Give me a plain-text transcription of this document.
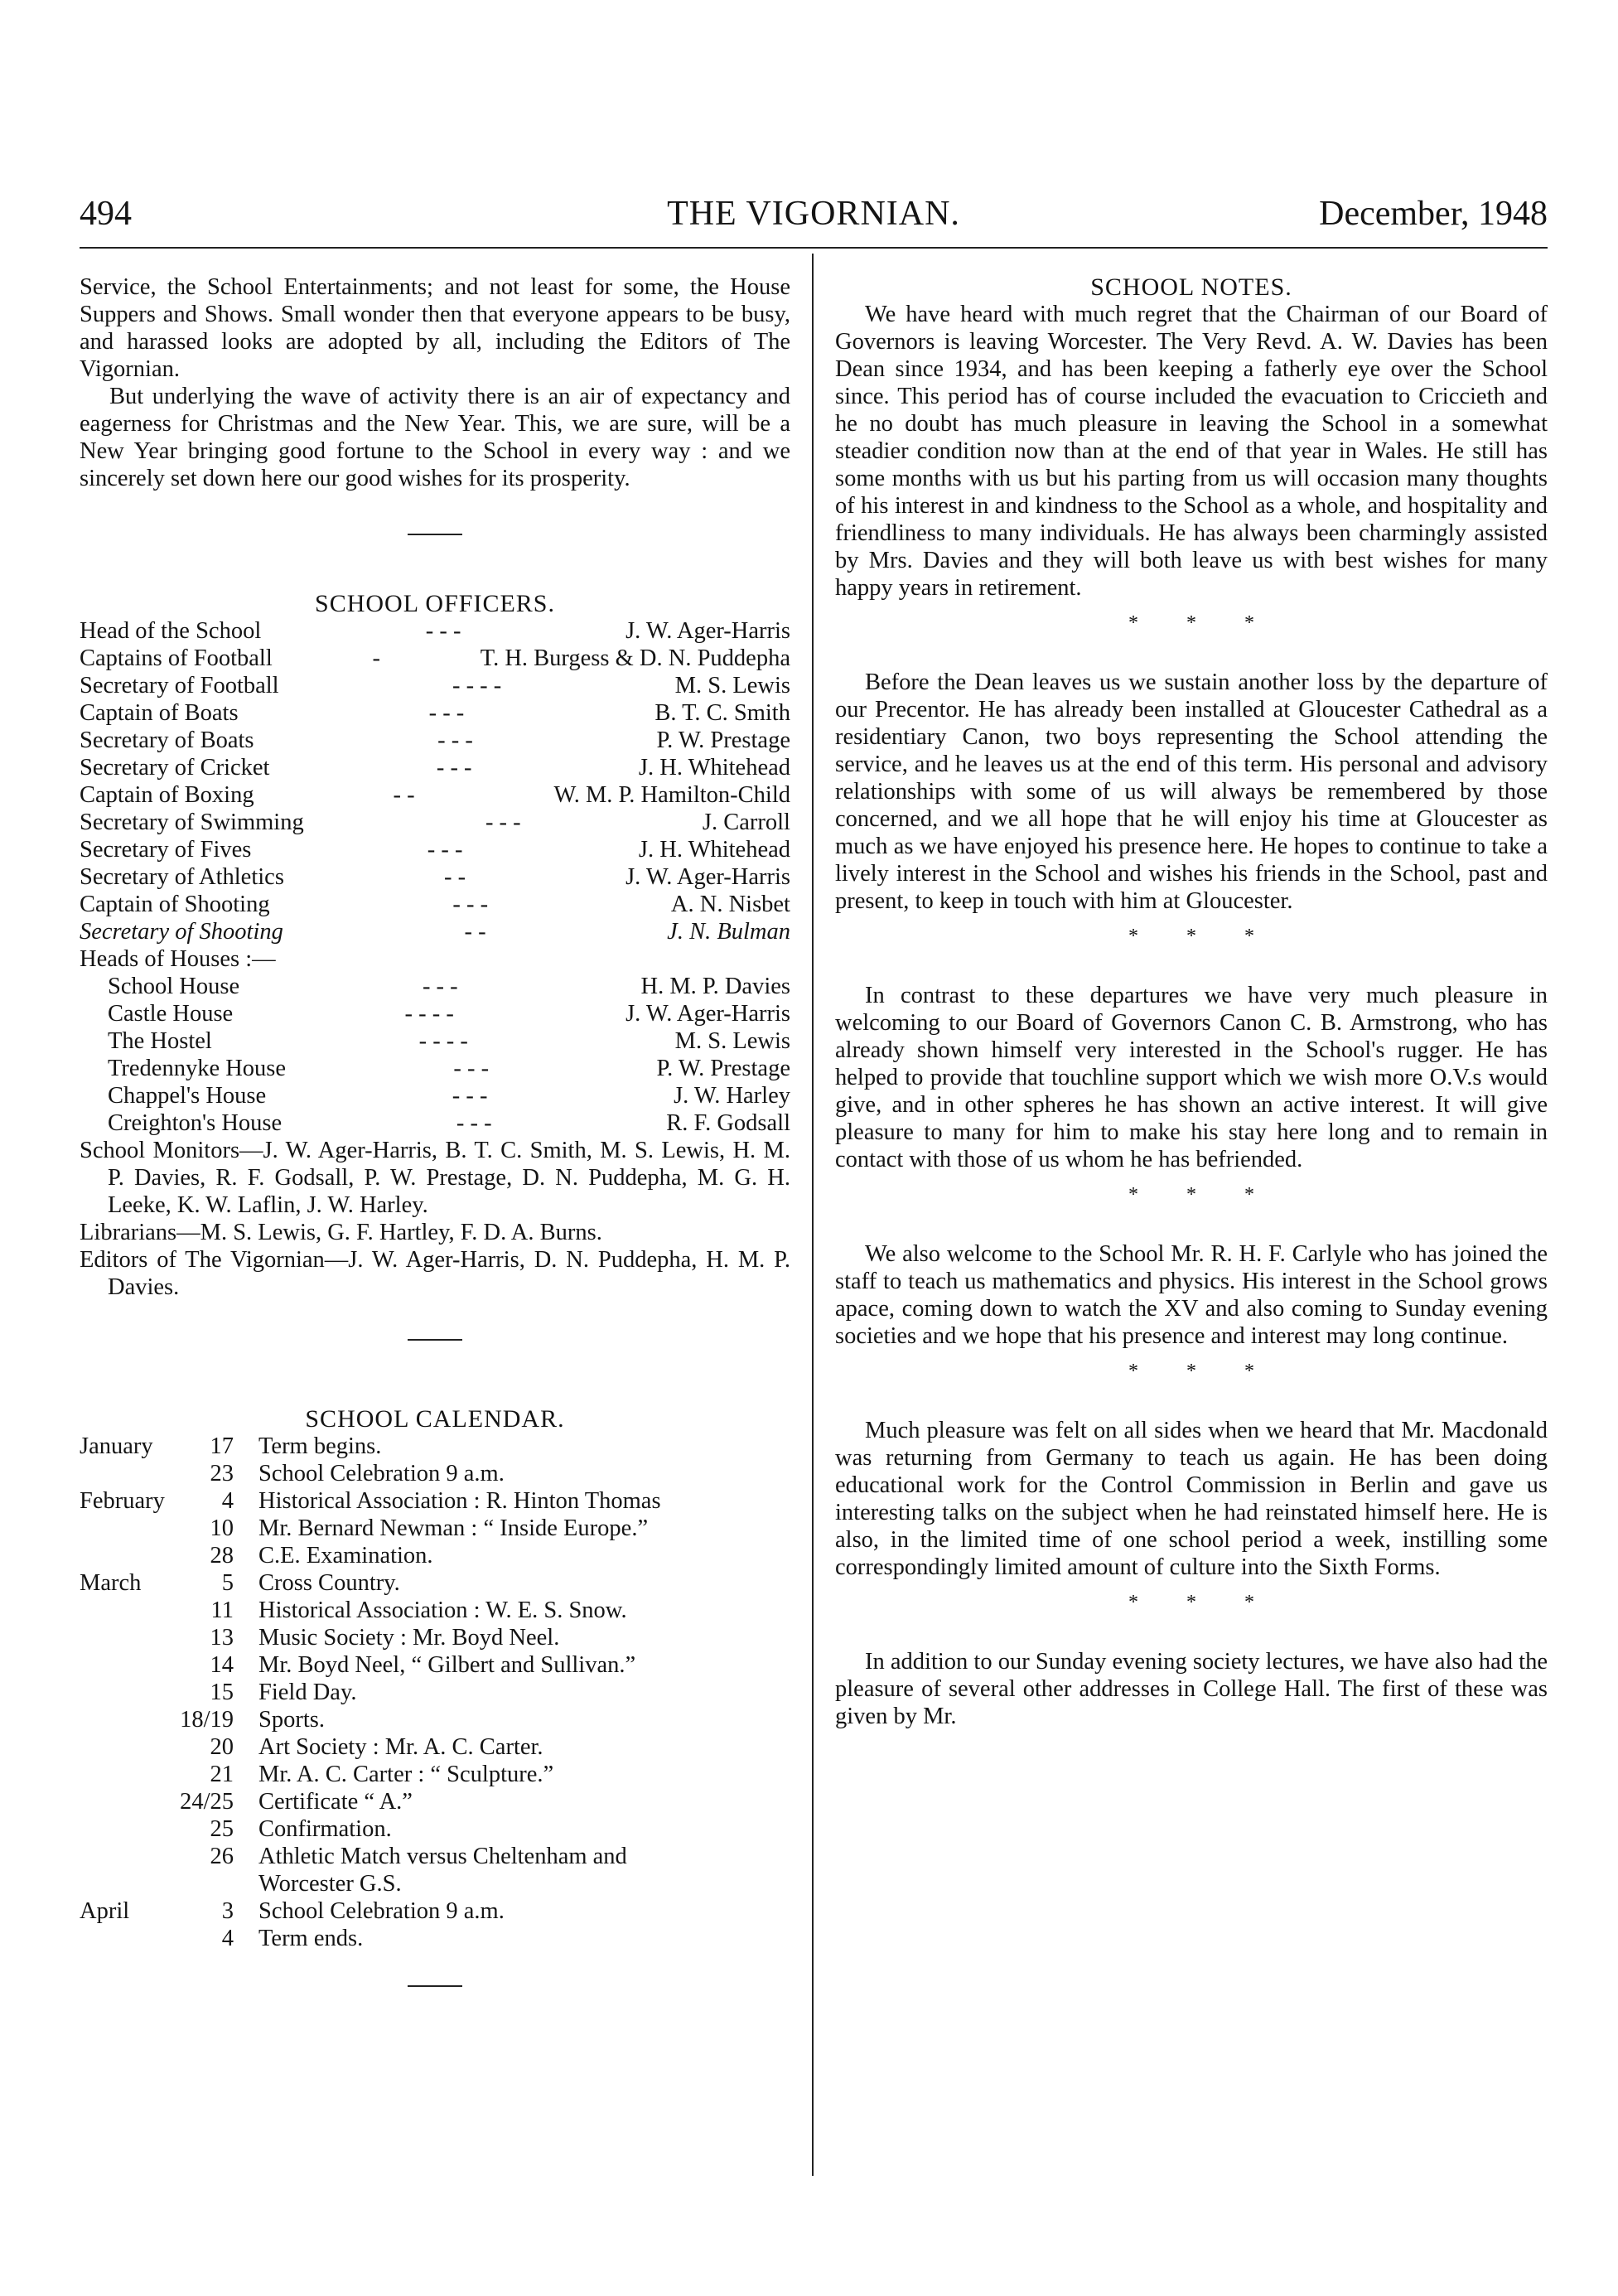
494	THE VIGORNIAN.	December, 1948

Service, the School Entertainments; and not least for some, the House Suppers and Shows. Small wonder then that everyone appears to be busy, and harassed looks are adopted by all, including the Editors of The Vigornian.

But underlying the wave of activity there is an air of expectancy and eagerness for Christmas and the New Year. This, we are sure, will be a New Year bringing good fortune to the School in every way : and we sincerely set down here our good wishes for its prosperity.

SCHOOL OFFICERS.
Head of the School	- - -	J. W. Ager-Harris
Captains of Football	-	T. H. Burgess & D. N. Puddepha
Secretary of Football	- - - -	M. S. Lewis
Captain of Boats	- - -	B. T. C. Smith
Secretary of Boats	- - -	P. W. Prestage
Secretary of Cricket	- - -	J. H. Whitehead
Captain of Boxing	- -	W. M. P. Hamilton-Child
Secretary of Swimming	- - -	J. Carroll
Secretary of Fives	- - -	J. H. Whitehead
Secretary of Athletics	- -	J. W. Ager-Harris
Captain of Shooting	- - -	A. N. Nisbet
Secretary of Shooting	- -	J. N. Bulman
Heads of Houses :—
School House	- - -	H. M. P. Davies
Castle House	- - - -	J. W. Ager-Harris
The Hostel	- - - -	M. S. Lewis
Tredennyke House	- - -	P. W. Prestage
Chappel's House	- - -	J. W. Harley
Creighton's House	- - -	R. F. Godsall
School Monitors—J. W. Ager-Harris, B. T. C. Smith, M. S. Lewis, H. M. P. Davies, R. F. Godsall, P. W. Prestage, D. N. Puddepha, M. G. H. Leeke, K. W. Laflin, J. W. Harley.
Librarians—M. S. Lewis, G. F. Hartley, F. D. A. Burns.
Editors of The Vigornian—J. W. Ager-Harris, D. N. Puddepha, H. M. P. Davies.
SCHOOL CALENDAR.
January	17	Term begins.
23	School Celebration 9 a.m.
February	4	Historical Association : R. Hinton Thomas
10	Mr. Bernard Newman : “ Inside Europe.”
28	C.E. Examination.
March	5	Cross Country.
11	Historical Association : W. E. S. Snow.
13	Music Society : Mr. Boyd Neel.
14	Mr. Boyd Neel, “ Gilbert and Sullivan.”
15	Field Day.
18/19	Sports.
20	Art Society : Mr. A. C. Carter.
21	Mr. A. C. Carter : “ Sculpture.”
24/25	Certificate “ A.”
25	Confirmation.
26	Athletic Match versus Cheltenham and
Worcester G.S.
April	3	School Celebration 9 a.m.
4	Term ends.
SCHOOL NOTES.

We have heard with much regret that the Chairman of our Board of Governors is leaving Worcester. The Very Revd. A. W. Davies has been Dean since 1934, and has been keeping a fatherly eye over the School since. This period has of course included the evacuation to Criccieth and he no doubt has much pleasure in leaving the School in a somewhat steadier condition now than at the end of that year in Wales. He still has some months with us but his parting from us will occasion many thoughts of his interest in and kindness to the School as a whole, and hospitality and friendliness to many individuals. He has always been charmingly assisted by Mrs. Davies and they will both leave us with best wishes for many happy years in retirement.

* * *

Before the Dean leaves us we sustain another loss by the departure of our Precentor. He has already been installed at Gloucester Cathedral as a residentiary Canon, two boys representing the School attending the service, and he leaves us at the end of this term. His personal and advisory relationships with some of us will always be remembered by those concerned, and we all hope that he will enjoy his time at Gloucester as much as we have enjoyed his presence here. He hopes to continue to take a lively interest in the School and wishes his friends in the School, past and present, to keep in touch with him at Gloucester.

* * *

In contrast to these departures we have very much pleasure in welcoming to our Board of Governors Canon C. B. Armstrong, who has already shown himself very interested in the School's rugger. He has helped to provide that touchline support which we wish more O.V.s would give, and in other spheres he has shown an active interest. It will give pleasure to many for him to make his stay here long and to remain in contact with those of us whom he has befriended.

* * *

We also welcome to the School Mr. R. H. F. Carlyle who has joined the staff to teach us mathematics and physics. His interest in the School grows apace, coming down to watch the XV and also coming to Sunday evening societies and we hope that his presence and interest may long continue.

* * *

Much pleasure was felt on all sides when we heard that Mr. Macdonald was returning from Germany to teach us again. He has been doing educational work for the Control Commission in Berlin and gave us interesting talks on the subject when he had reinstated himself here. He is also, in the limited time of one school period a week, instilling some correspondingly limited amount of culture into the Sixth Forms.

* * *

In addition to our Sunday evening society lectures, we have also had the pleasure of several other addresses in College Hall. The first of these was given by Mr.
